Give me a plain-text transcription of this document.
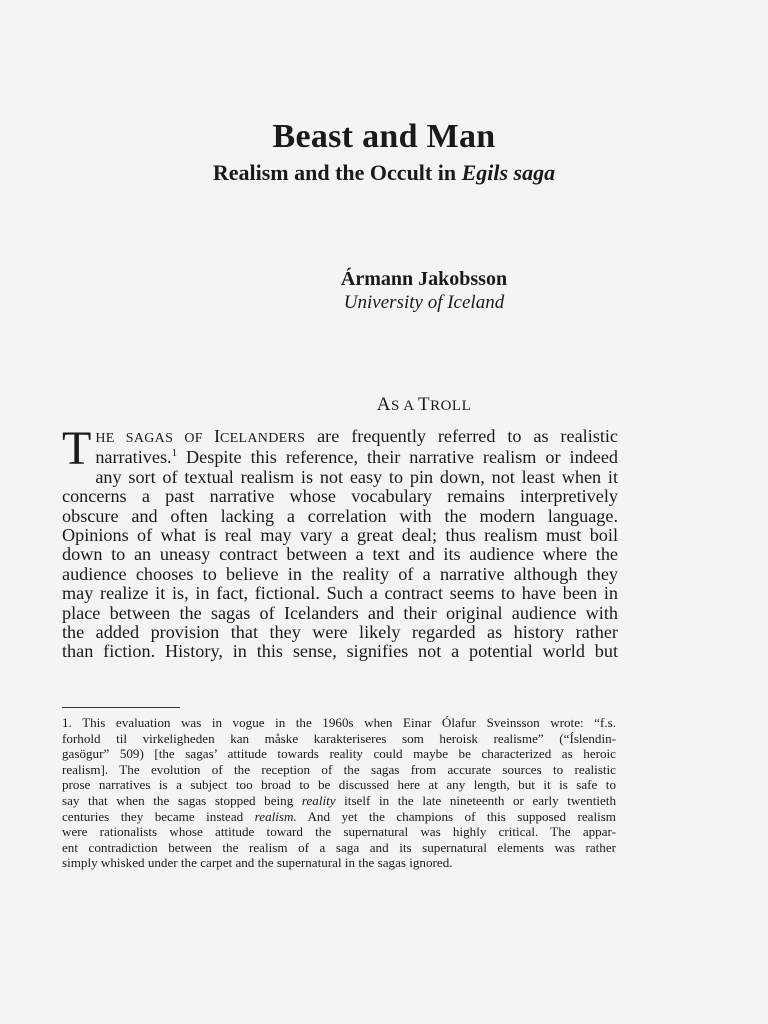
Beast and Man
Realism and the Occult in Egils saga
Ármann Jakobsson
University of Iceland
AS A TROLL
T HE SAGAS OF ICELANDERS are frequently referred to as realistic
narratives.$^1$ Despite this reference, their narrative realism or indeed
any sort of textual realism is not easy to pin down, not least when it
concerns a past narrative whose vocabulary remains interpretively
obscure and often lacking a correlation with the modern language.
Opinions of what is real may vary a great deal; thus realism must boil
down to an uneasy contract between a text and its audience where the
audience chooses to believe in the reality of a narrative although they
may realize it is, in fact, fictional. Such a contract seems to have been in
place between the sagas of Icelanders and their original audience with
the added provision that they were likely regarded as history rather
than fiction. History, in this sense, signifies not a potential world but
1. This evaluation was in vogue in the 1960s when Einar Ólafur Sveinsson wrote: “f.s.
forhold til virkeligheden kan måske karakteriseres som heroisk realisme” (“Íslendin-
gasögur” 509) [the sagas’ attitude towards reality could maybe be characterized as heroic
realism]. The evolution of the reception of the sagas from accurate sources to realistic
prose narratives is a subject too broad to be discussed here at any length, but it is safe to
say that when the sagas stopped being reality itself in the late nineteenth or early twentieth
centuries they became instead realism. And yet the champions of this supposed realism
were rationalists whose attitude toward the supernatural was highly critical. The appar-
ent contradiction between the realism of a saga and its supernatural elements was rather
simply whisked under the carpet and the supernatural in the sagas ignored.
